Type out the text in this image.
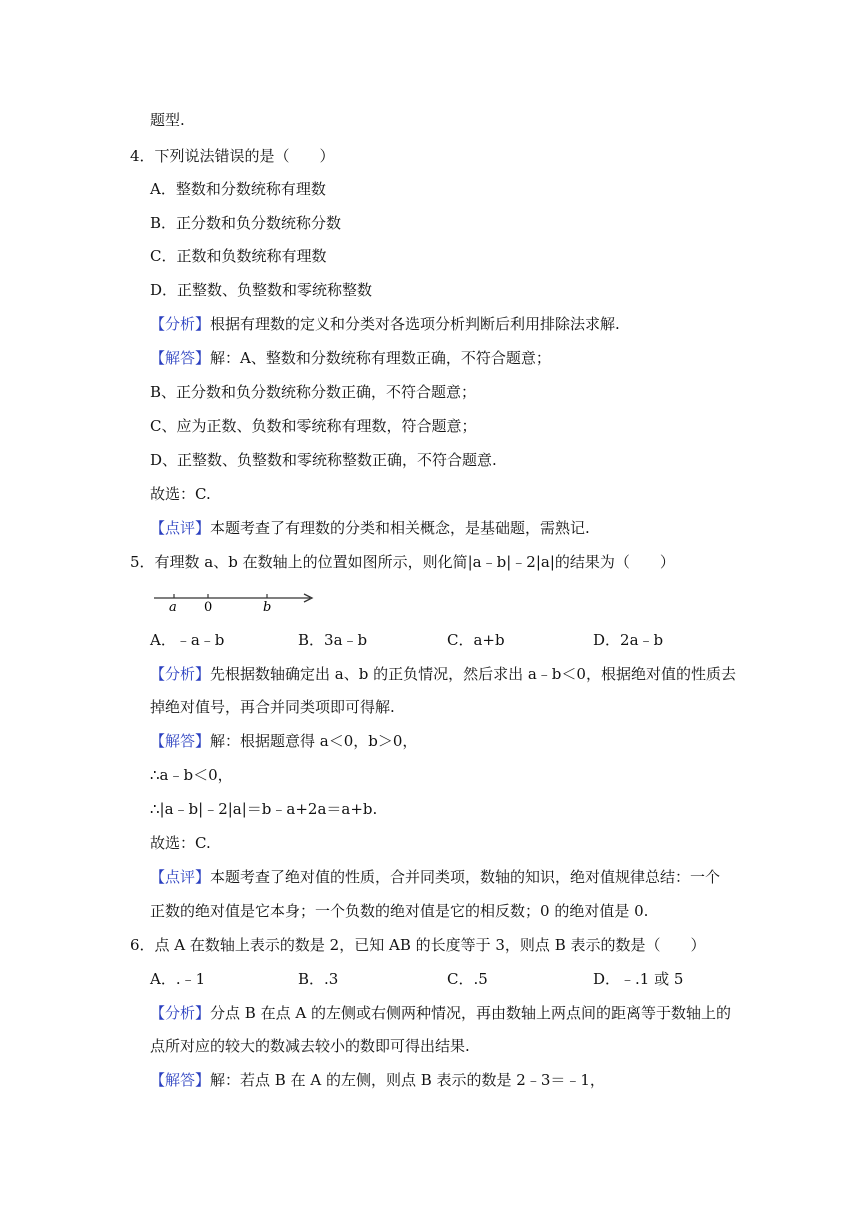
题型.
4．下列说法错误的是（　　）
A．整数和分数统称有理数
B．正分数和负分数统称分数
C．正数和负数统称有理数
D．正整数、负整数和零统称整数
【分析】根据有理数的定义和分类对各选项分析判断后利用排除法求解.
【解答】解：A、整数和分数统称有理数正确，不符合题意；
B、正分数和负分数统称分数正确，不符合题意；
C、应为正数、负数和零统称有理数，符合题意；
D、正整数、负整数和零统称整数正确，不符合题意.
故选：C.
【点评】本题考查了有理数的分类和相关概念，是基础题，需熟记.
5．有理数 a、b 在数轴上的位置如图所示，则化简|a﹣b|﹣2|a|的结果为（　　）
a 0	b
A．﹣a﹣b	B．3a﹣b	C．a+b	D．2a﹣b
【分析】先根据数轴确定出 a、b 的正负情况，然后求出 a﹣b＜0，根据绝对值的性质去
掉绝对值号，再合并同类项即可得解.
【解答】解：根据题意得 a＜0，b＞0，
∴a﹣b＜0，
∴|a﹣b|﹣2|a|＝b﹣a+2a＝a+b.
故选：C.
【点评】本题考查了绝对值的性质，合并同类项，数轴的知识，绝对值规律总结：一个
正数的绝对值是它本身；一个负数的绝对值是它的相反数；0 的绝对值是 0.
6．点 A 在数轴上表示的数是 2，已知 AB 的长度等于 3，则点 B 表示的数是（　　）
A．.﹣1	B．.3	C．.5	D．﹣.1 或 5
【分析】分点 B 在点 A 的左侧或右侧两种情况，再由数轴上两点间的距离等于数轴上的
点所对应的较大的数减去较小的数即可得出结果.
【解答】解：若点 B 在 A 的左侧，则点 B 表示的数是 2﹣3＝﹣1，
